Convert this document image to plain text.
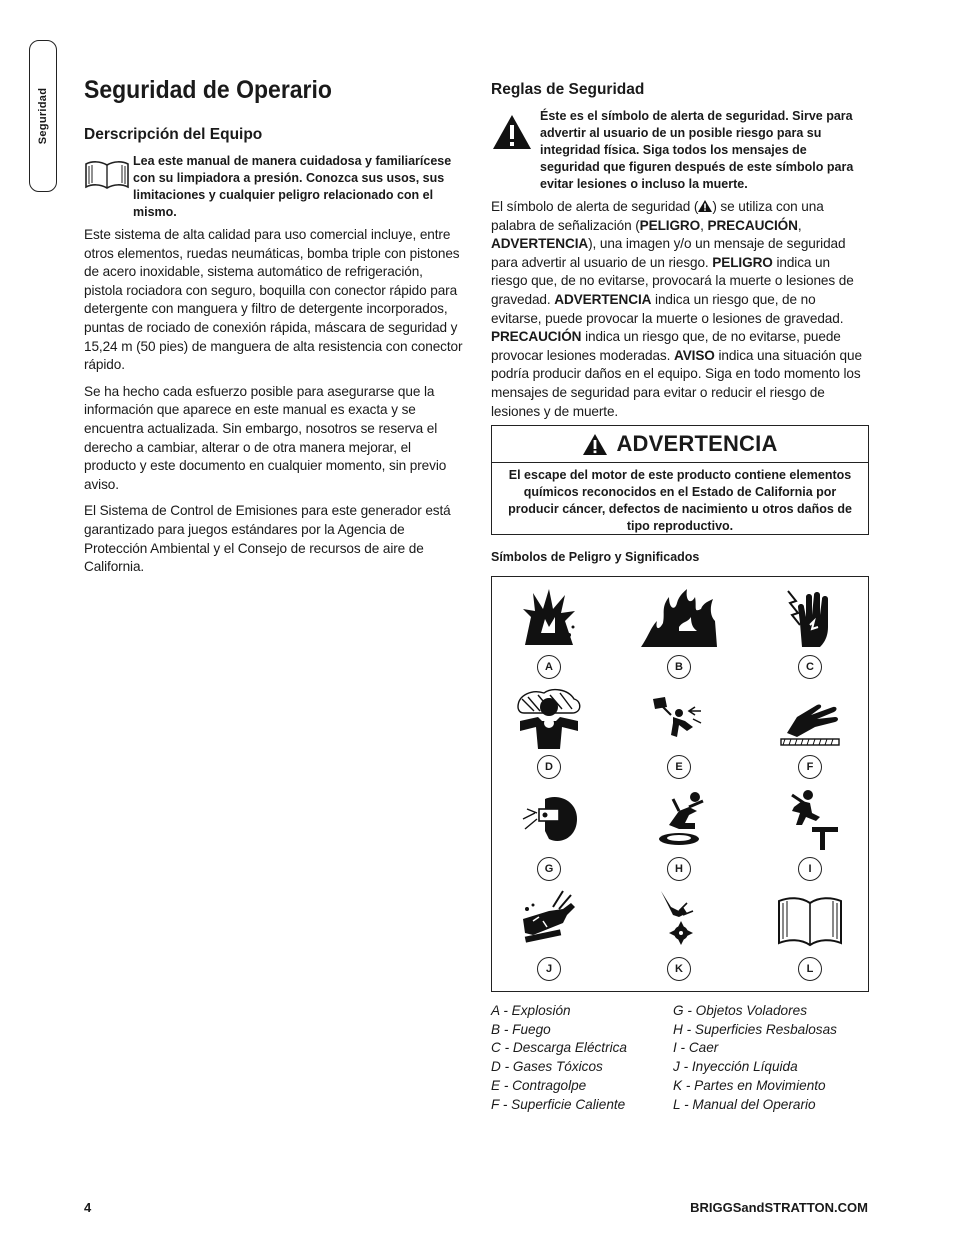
Seguridad Seguridad de Operario
Derscripción del Equipo
Lea este manual de manera cuidadosa y familiarícese con su limpiadora a presión. Conozca sus usos, sus limitaciones y cualquier peligro relacionado con el mismo.

Este sistema de alta calidad para uso comercial incluye, entre otros elementos, ruedas neumáticas, bomba triple con pistones de acero inoxidable, sistema automático de refrigeración, pistola rociadora con seguro, boquilla con conector rápido para detergente con manguera y filtro de detergente incorporados, puntas de rociado de conexión rápida, máscara de seguridad y 15,24 m (50 pies) de manguera de alta resistencia con conector rápido.

Se ha hecho cada esfuerzo posible para asegurarse que la información que aparece en este manual es exacta y se encuentra actualizada. Sin embargo, nosotros se reserva el derecho a cambiar, alterar o de otra manera mejorar, el producto y este documento en cualquier momento, sin previo aviso.

El Sistema de Control de Emisiones para este generador está garantizado para juegos estándares por la Agencia de Protección Ambiental y el Consejo de recursos de aire de California.

Reglas de Seguridad
Éste es el símbolo de alerta de seguridad. Sirve para advertir al usuario de un posible riesgo para su integridad física. Siga todos los mensajes de seguridad que figuren después de este símbolo para evitar lesiones o incluso la muerte.

El símbolo de alerta de seguridad ( ) se utiliza con una palabra de señalización (PELIGRO, PRECAUCIÓN, ADVERTENCIA), una imagen y/o un mensaje de seguridad para advertir al usuario de un riesgo. PELIGRO indica un riesgo que, de no evitarse, provocará la muerte o lesiones de gravedad. ADVERTENCIA indica un riesgo que, de no evitarse, puede provocar la muerte o lesiones de gravedad. PRECAUCIÓN indica un riesgo que, de no evitarse, puede provocar lesiones moderadas. AVISO indica una situación que podría producir daños en el equipo. Siga en todo momento los mensajes de seguridad para evitar o reducir el riesgo de lesiones y de muerte.

ADVERTENCIA
El escape del motor de este producto contiene elementos químicos reconocidos en el Estado de California por producir cáncer, defectos de nacimiento u otros daños de tipo reproductivo.
Símbolos de Peligro y Significados
A	B	C
D	E	F
G	H	I
J	K	L
A - Explosión
B - Fuego
C - Descarga Eléctrica
D - Gases Tóxicos
E - Contragolpe
F - Superficie Caliente
G - Objetos Voladores
H - Superficies Resbalosas
I - Caer
J - Inyección Líquida
K - Partes en Movimiento
L - Manual del Operario
4	BRIGGSandSTRATTON.COM
